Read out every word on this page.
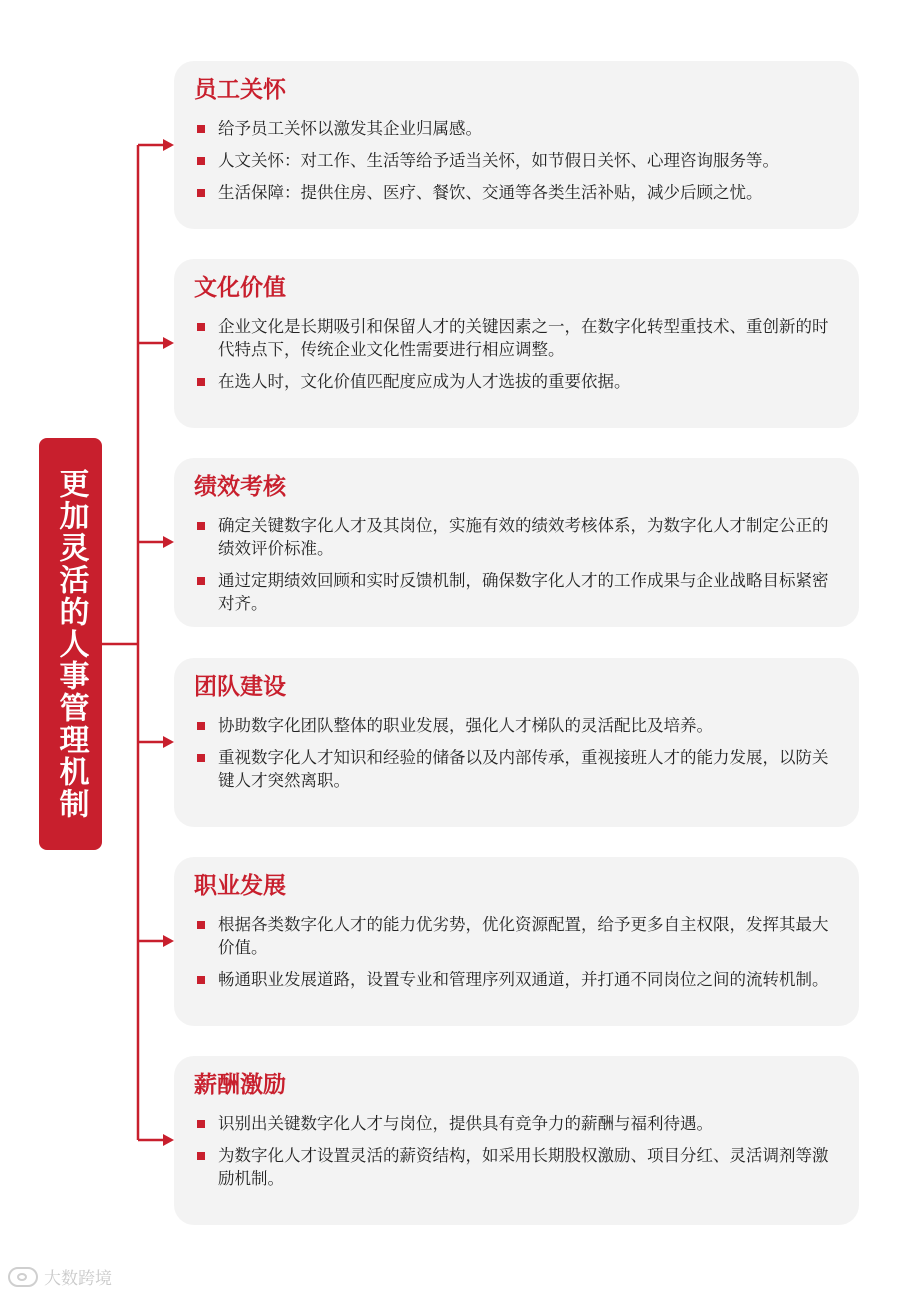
更加灵活的人事管理机制
员工关怀
给予员工关怀以激发其企业归属感。
人文关怀：对工作、生活等给予适当关怀，如节假日关怀、心理咨询服务等。
生活保障：提供住房、医疗、餐饮、交通等各类生活补贴，减少后顾之忧。
文化价值
企业文化是长期吸引和保留人才的关键因素之一，在数字化转型重技术、重创新的时代特点下，传统企业文化性需要进行相应调整。
在选人时，文化价值匹配度应成为人才选拔的重要依据。
绩效考核
确定关键数字化人才及其岗位，实施有效的绩效考核体系，为数字化人才制定公正的绩效评价标准。
通过定期绩效回顾和实时反馈机制，确保数字化人才的工作成果与企业战略目标紧密对齐。
团队建设
协助数字化团队整体的职业发展，强化人才梯队的灵活配比及培养。
重视数字化人才知识和经验的储备以及内部传承，重视接班人才的能力发展，以防关键人才突然离职。
职业发展
根据各类数字化人才的能力优劣势，优化资源配置，给予更多自主权限，发挥其最大价值。
畅通职业发展道路，设置专业和管理序列双通道，并打通不同岗位之间的流转机制。
薪酬激励
识别出关键数字化人才与岗位，提供具有竞争力的薪酬与福利待遇。
为数字化人才设置灵活的薪资结构，如采用长期股权激励、项目分红、灵活调剂等激励机制。
大数跨境
